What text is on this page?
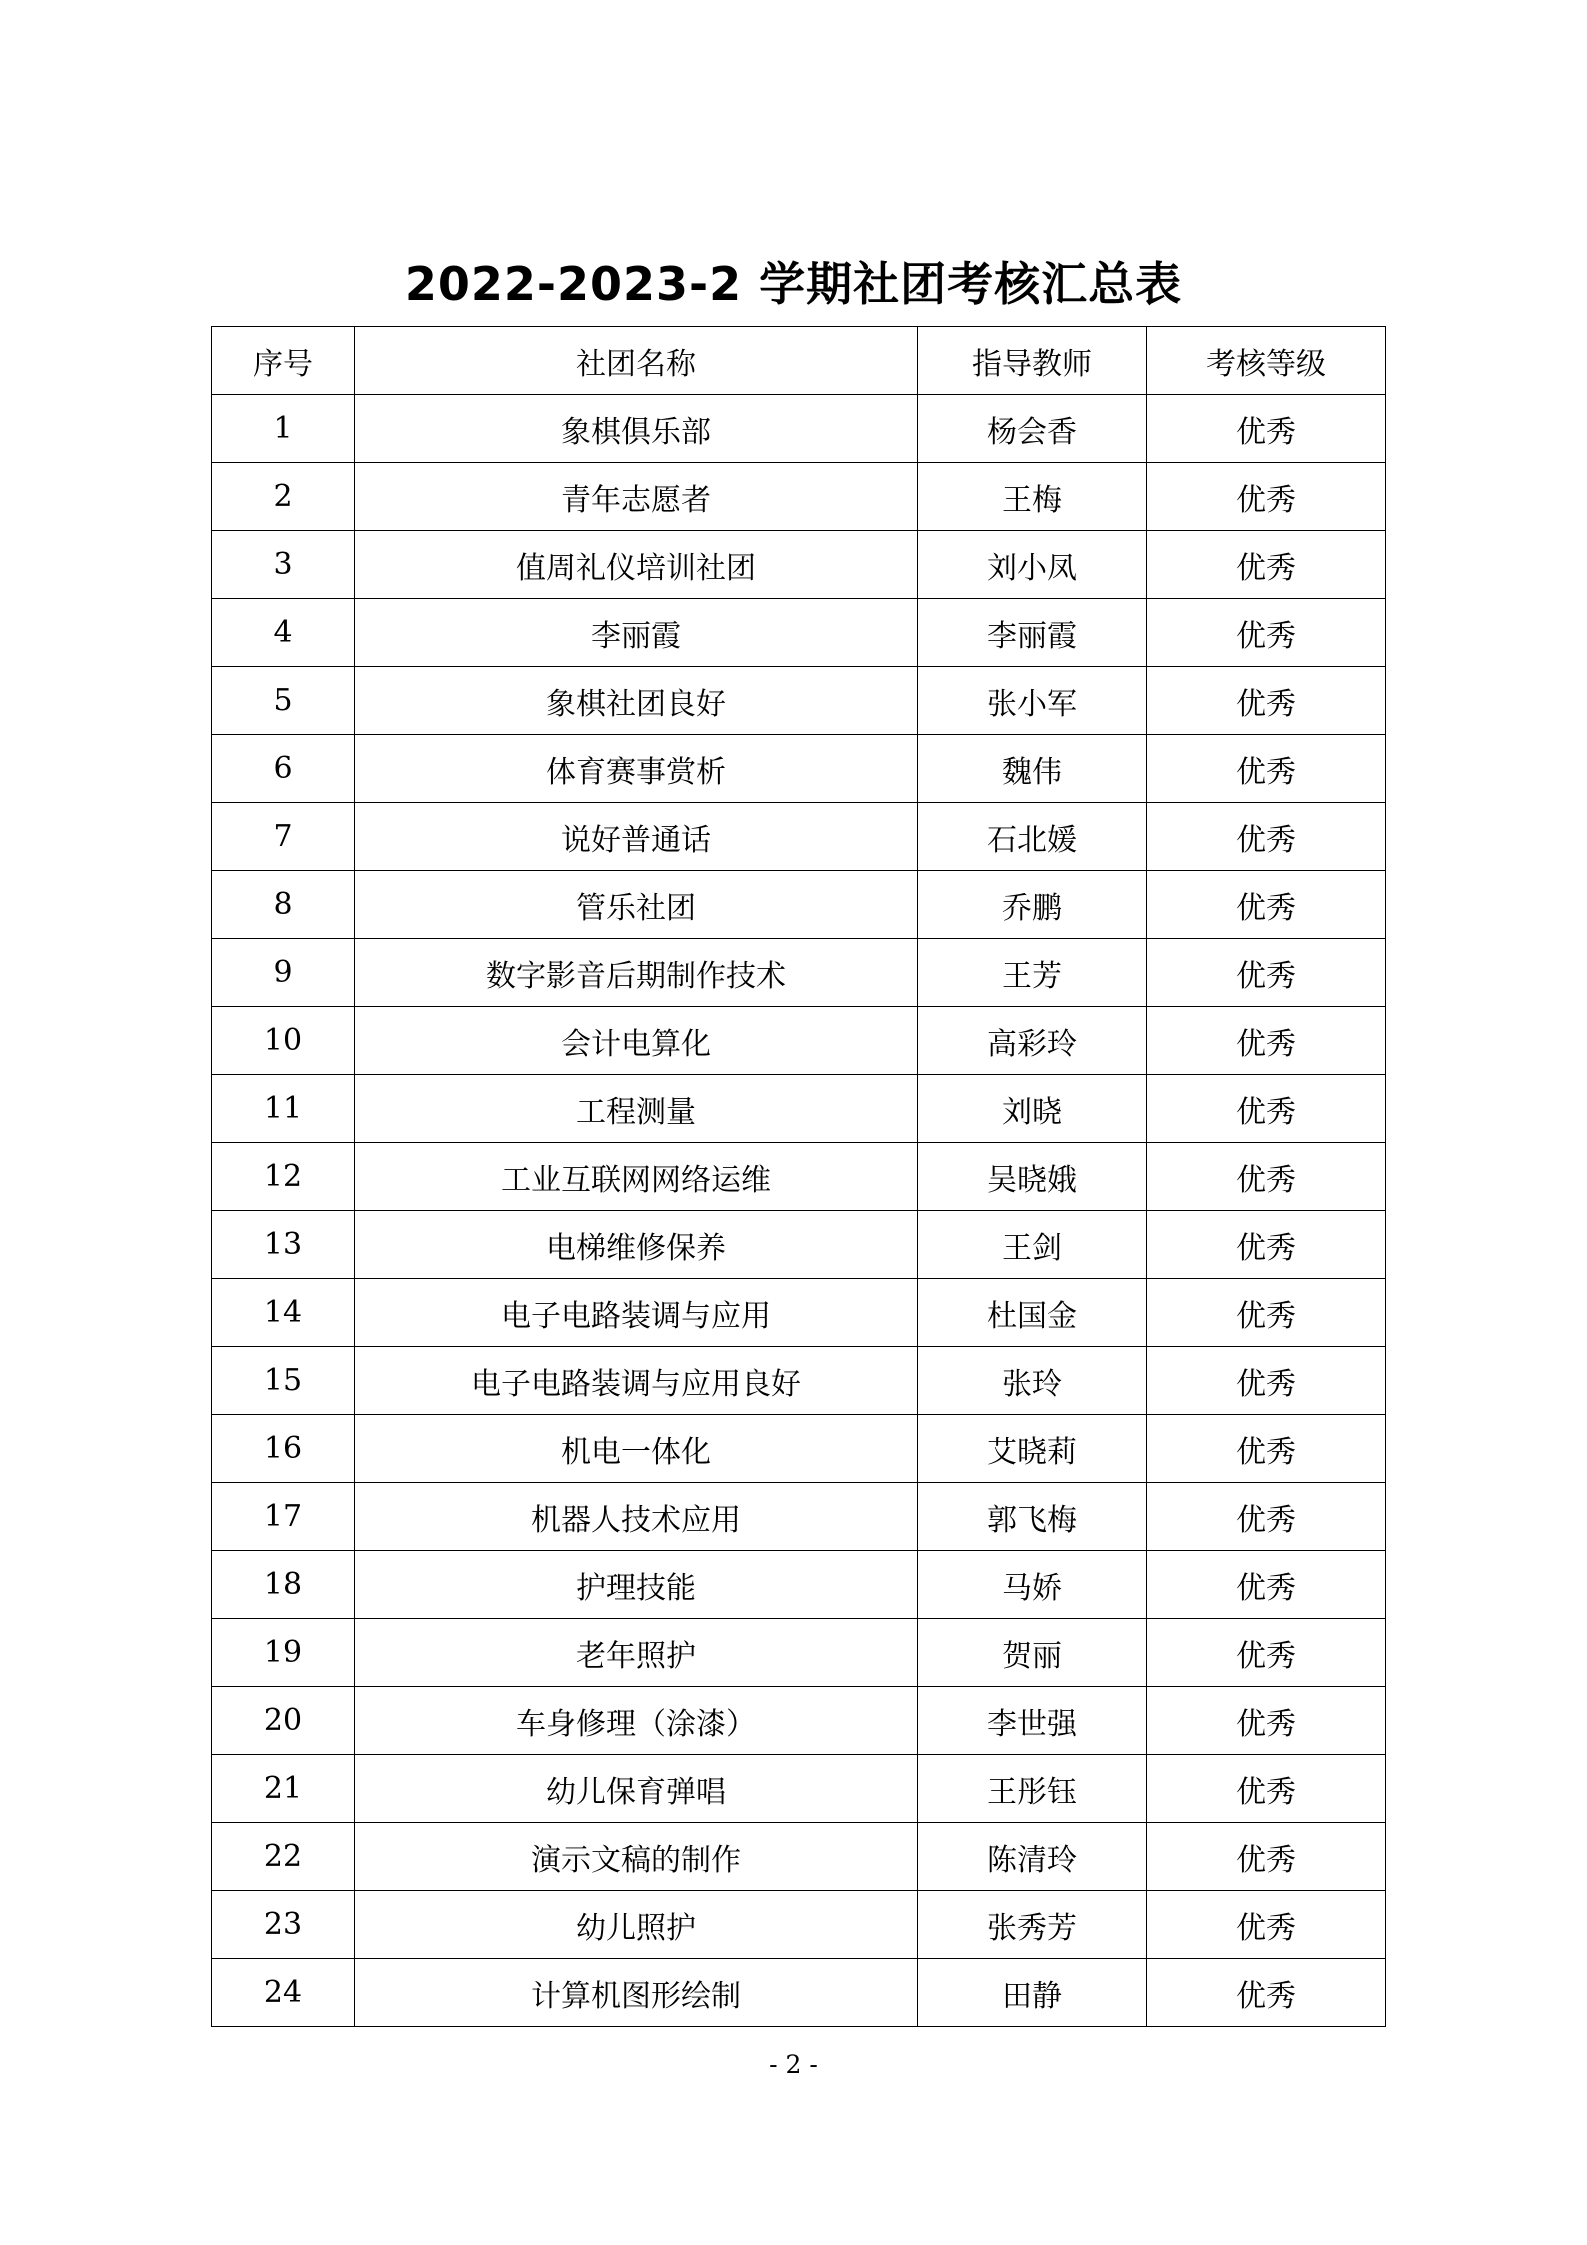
2022-2023-2 学期社团考核汇总表
序号	社团名称	指导教师	考核等级
1	象棋俱乐部	杨会香	优秀
2	青年志愿者	王梅	优秀
3	值周礼仪培训社团	刘小凤	优秀
4	李丽霞	李丽霞	优秀
5	象棋社团良好	张小军	优秀
6	体育赛事赏析	魏伟	优秀
7	说好普通话	石北媛	优秀
8	管乐社团	乔鹏	优秀
9	数字影音后期制作技术	王芳	优秀
10	会计电算化	高彩玲	优秀
11	工程测量	刘晓	优秀
12	工业互联网网络运维	吴晓娥	优秀
13	电梯维修保养	王剑	优秀
14	电子电路装调与应用	杜国金	优秀
15	电子电路装调与应用良好	张玲	优秀
16	机电一体化	艾晓莉	优秀
17	机器人技术应用	郭飞梅	优秀
18	护理技能	马娇	优秀
19	老年照护	贺丽	优秀
20	车身修理（涂漆）	李世强	优秀
21	幼儿保育弹唱	王彤钰	优秀
22	演示文稿的制作	陈清玲	优秀
23	幼儿照护	张秀芳	优秀
24	计算机图形绘制	田静	优秀
- 2 -
